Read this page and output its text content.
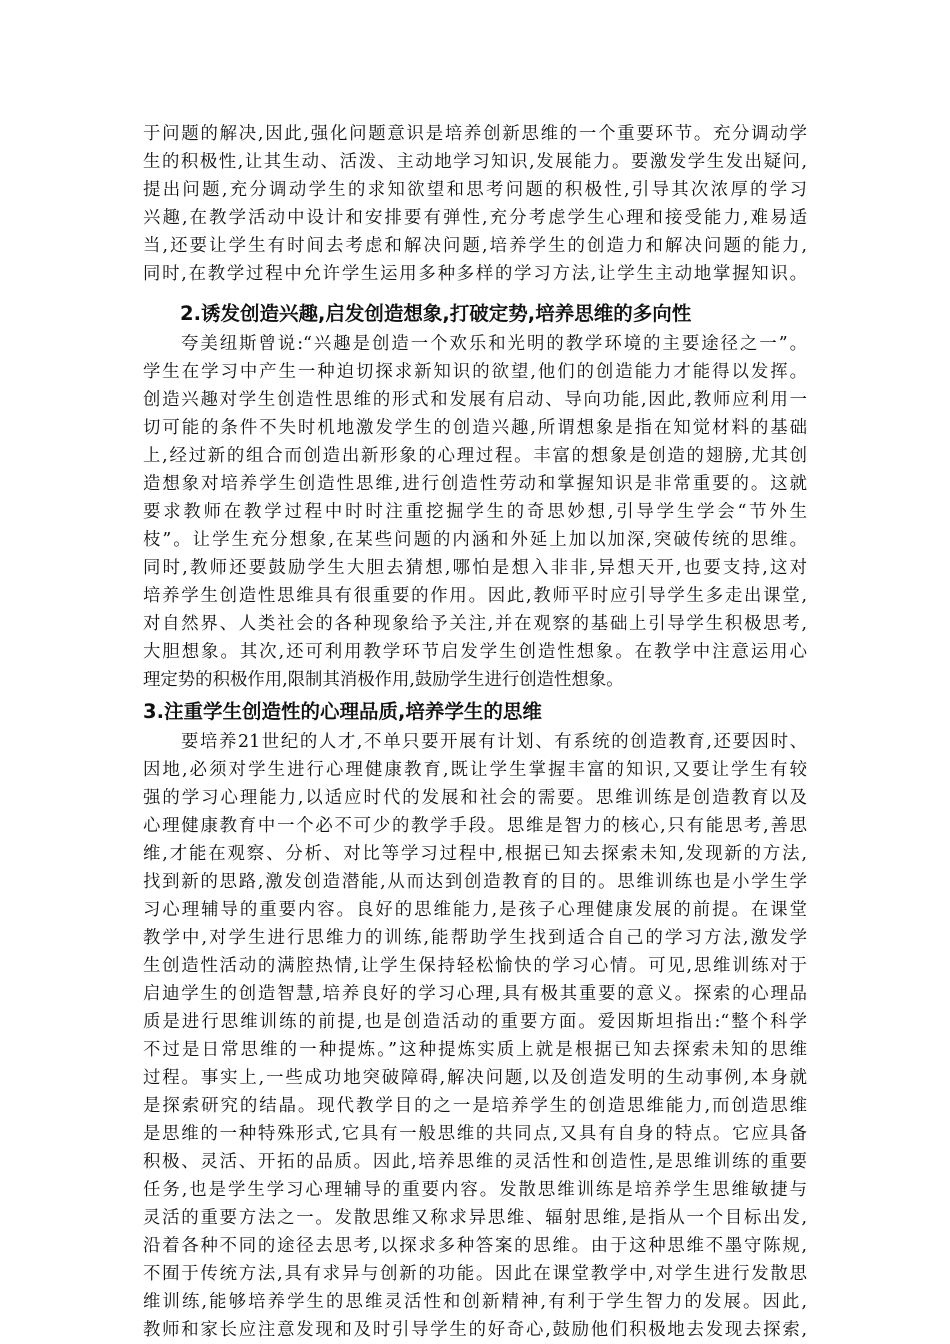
于问题的解决,因此,强化问题意识是培养创新思维的一个重要环节。充分调动学
生的积极性,让其生动、活泼、主动地学习知识,发展能力。要激发学生发出疑问,
提出问题,充分调动学生的求知欲望和思考问题的积极性,引导其次浓厚的学习
兴趣,在教学活动中设计和安排要有弹性,充分考虑学生心理和接受能力,难易适
当,还要让学生有时间去考虑和解决问题,培养学生的创造力和解决问题的能力,
同时,在教学过程中允许学生运用多种多样的学习方法,让学生主动地掌握知识。
2.诱发创造兴趣,启发创造想象,打破定势,培养思维的多向性
夸美纽斯曾说:“兴趣是创造一个欢乐和光明的教学环境的主要途径之一”。
学生在学习中产生一种迫切探求新知识的欲望,他们的创造能力才能得以发挥。
创造兴趣对学生创造性思维的形式和发展有启动、导向功能,因此,教师应利用一
切可能的条件不失时机地激发学生的创造兴趣,所谓想象是指在知觉材料的基础
上,经过新的组合而创造出新形象的心理过程。丰富的想象是创造的翅膀,尤其创
造想象对培养学生创造性思维,进行创造性劳动和掌握知识是非常重要的。这就
要求教师在教学过程中时时注重挖掘学生的奇思妙想,引导学生学会“节外生
枝”。让学生充分想象,在某些问题的内涵和外延上加以加深,突破传统的思维。
同时,教师还要鼓励学生大胆去猜想,哪怕是想入非非,异想天开,也要支持,这对
培养学生创造性思维具有很重要的作用。因此,教师平时应引导学生多走出课堂,
对自然界、人类社会的各种现象给予关注,并在观察的基础上引导学生积极思考,
大胆想象。其次,还可利用教学环节启发学生创造性想象。在教学中注意运用心
理定势的积极作用,限制其消极作用,鼓励学生进行创造性想象。
3.注重学生创造性的心理品质,培养学生的思维
要培养21世纪的人才,不单只要开展有计划、有系统的创造教育,还要因时、
因地,必须对学生进行心理健康教育,既让学生掌握丰富的知识,又要让学生有较
强的学习心理能力,以适应时代的发展和社会的需要。思维训练是创造教育以及
心理健康教育中一个必不可少的教学手段。思维是智力的核心,只有能思考,善思
维,才能在观察、分析、对比等学习过程中,根据已知去探索未知,发现新的方法,
找到新的思路,激发创造潜能,从而达到创造教育的目的。思维训练也是小学生学
习心理辅导的重要内容。良好的思维能力,是孩子心理健康发展的前提。在课堂
教学中,对学生进行思维力的训练,能帮助学生找到适合自己的学习方法,激发学
生创造性活动的满腔热情,让学生保持轻松愉快的学习心情。可见,思维训练对于
启迪学生的创造智慧,培养良好的学习心理,具有极其重要的意义。探索的心理品
质是进行思维训练的前提,也是创造活动的重要方面。爱因斯坦指出:“整个科学
不过是日常思维的一种提炼。”这种提炼实质上就是根据已知去探索未知的思维
过程。事实上,一些成功地突破障碍,解决问题,以及创造发明的生动事例,本身就
是探索研究的结晶。现代教学目的之一是培养学生的创造思维能力,而创造思维
是思维的一种特殊形式,它具有一般思维的共同点,又具有自身的特点。它应具备
积极、灵活、开拓的品质。因此,培养思维的灵活性和创造性,是思维训练的重要
任务,也是学生学习心理辅导的重要内容。发散思维训练是培养学生思维敏捷与
灵活的重要方法之一。发散思维又称求异思维、辐射思维,是指从一个目标出发,
沿着各种不同的途径去思考,以探求多种答案的思维。由于这种思维不墨守陈规,
不囿于传统方法,具有求异与创新的功能。因此在课堂教学中,对学生进行发散思
维训练,能够培养学生的思维灵活性和创新精神,有利于学生智力的发展。因此,
教师和家长应注意发现和及时引导学生的好奇心,鼓励他们积极地去发现去探索,
